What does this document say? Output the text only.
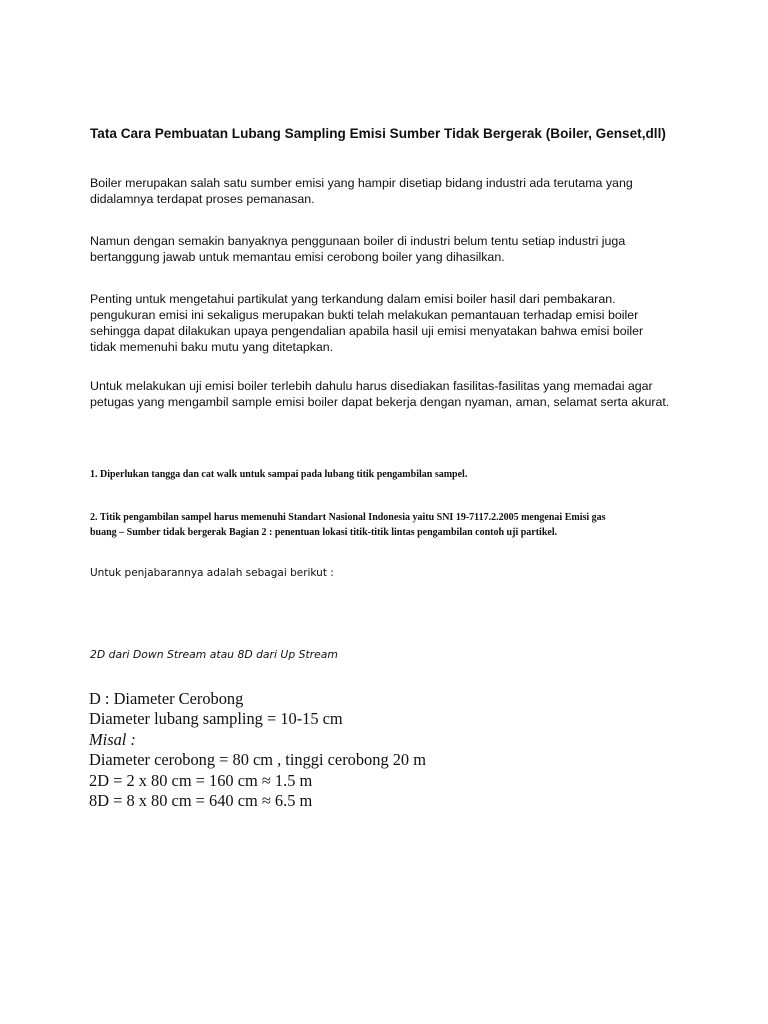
Tata Cara Pembuatan Lubang Sampling Emisi Sumber Tidak Bergerak (Boiler, Genset,dll)
Boiler merupakan salah satu sumber emisi yang hampir disetiap bidang industri ada terutama yang
didalamnya terdapat proses pemanasan.
Namun dengan semakin banyaknya penggunaan boiler di industri belum tentu setiap industri juga
bertanggung jawab untuk memantau emisi cerobong boiler yang dihasilkan.
Penting untuk mengetahui partikulat yang terkandung dalam emisi boiler hasil dari pembakaran.
pengukuran emisi ini sekaligus merupakan bukti telah melakukan pemantauan terhadap emisi boiler
sehingga dapat dilakukan upaya pengendalian apabila hasil uji emisi menyatakan bahwa emisi boiler
tidak memenuhi baku mutu yang ditetapkan.
Untuk melakukan uji emisi boiler terlebih dahulu harus disediakan fasilitas-fasilitas yang memadai agar
petugas yang mengambil sample emisi boiler dapat bekerja dengan nyaman, aman, selamat serta akurat.
1. Diperlukan tangga dan cat walk untuk sampai pada lubang titik pengambilan sampel.
2. Titik pengambilan sampel harus memenuhi Standart Nasional Indonesia yaitu SNI 19-7117.2.2005 mengenai Emisi gas
buang – Sumber tidak bergerak Bagian 2 : penentuan lokasi titik-titik lintas pengambilan contoh uji partikel.
Untuk penjabarannya adalah sebagai berikut :
2D dari Down Stream atau 8D dari Up Stream
D : Diameter Cerobong
Diameter lubang sampling = 10-15 cm
Misal :
Diameter cerobong = 80 cm , tinggi cerobong 20 m
2D = 2 x 80 cm = 160 cm ≈ 1.5 m
8D = 8 x 80 cm = 640 cm ≈ 6.5 m
